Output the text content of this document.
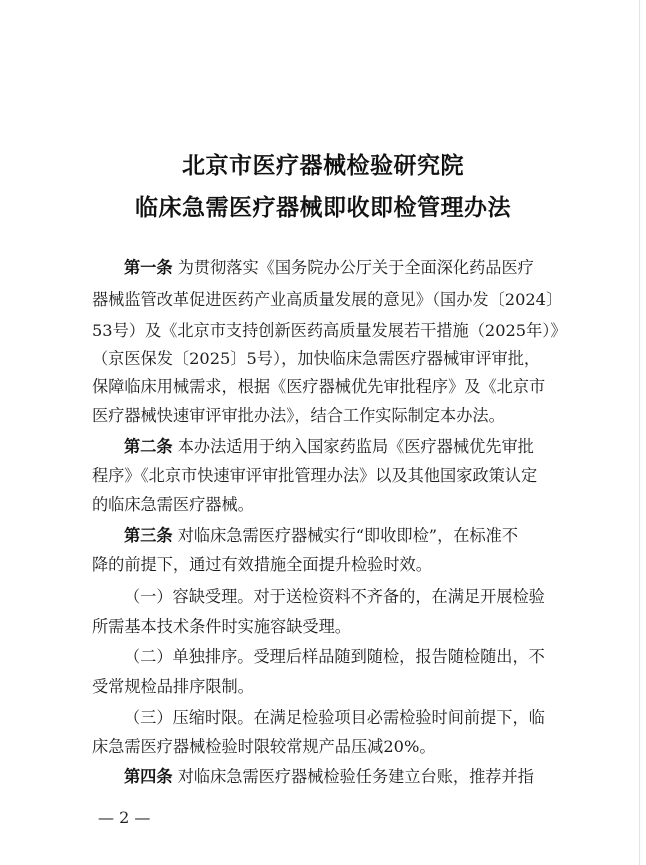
北京市医疗器械检验研究院
临床急需医疗器械即收即检管理办法
第一条 为贯彻落实《国务院办公厅关于全面深化药品医疗
器械监管改革促进医药产业高质量发展的意见》（国办发〔2024〕
53号）及《北京市支持创新医药高质量发展若干措施（2025年）》
（京医保发〔2025〕5号），加快临床急需医疗器械审评审批，
保障临床用械需求，根据《医疗器械优先审批程序》及《北京市
医疗器械快速审评审批办法》，结合工作实际制定本办法。
第二条 本办法适用于纳入国家药监局《医疗器械优先审批
程序》《北京市快速审评审批管理办法》以及其他国家政策认定
的临床急需医疗器械。
第三条 对临床急需医疗器械实行“即收即检”，在标准不
降的前提下，通过有效措施全面提升检验时效。
（一）容缺受理。对于送检资料不齐备的，在满足开展检验
所需基本技术条件时实施容缺受理。
（二）单独排序。受理后样品随到随检，报告随检随出，不
受常规检品排序限制。
（三）压缩时限。在满足检验项目必需检验时间前提下，临
床急需医疗器械检验时限较常规产品压减20%。
第四条 对临床急需医疗器械检验任务建立台账，推荐并指
— 2 —
